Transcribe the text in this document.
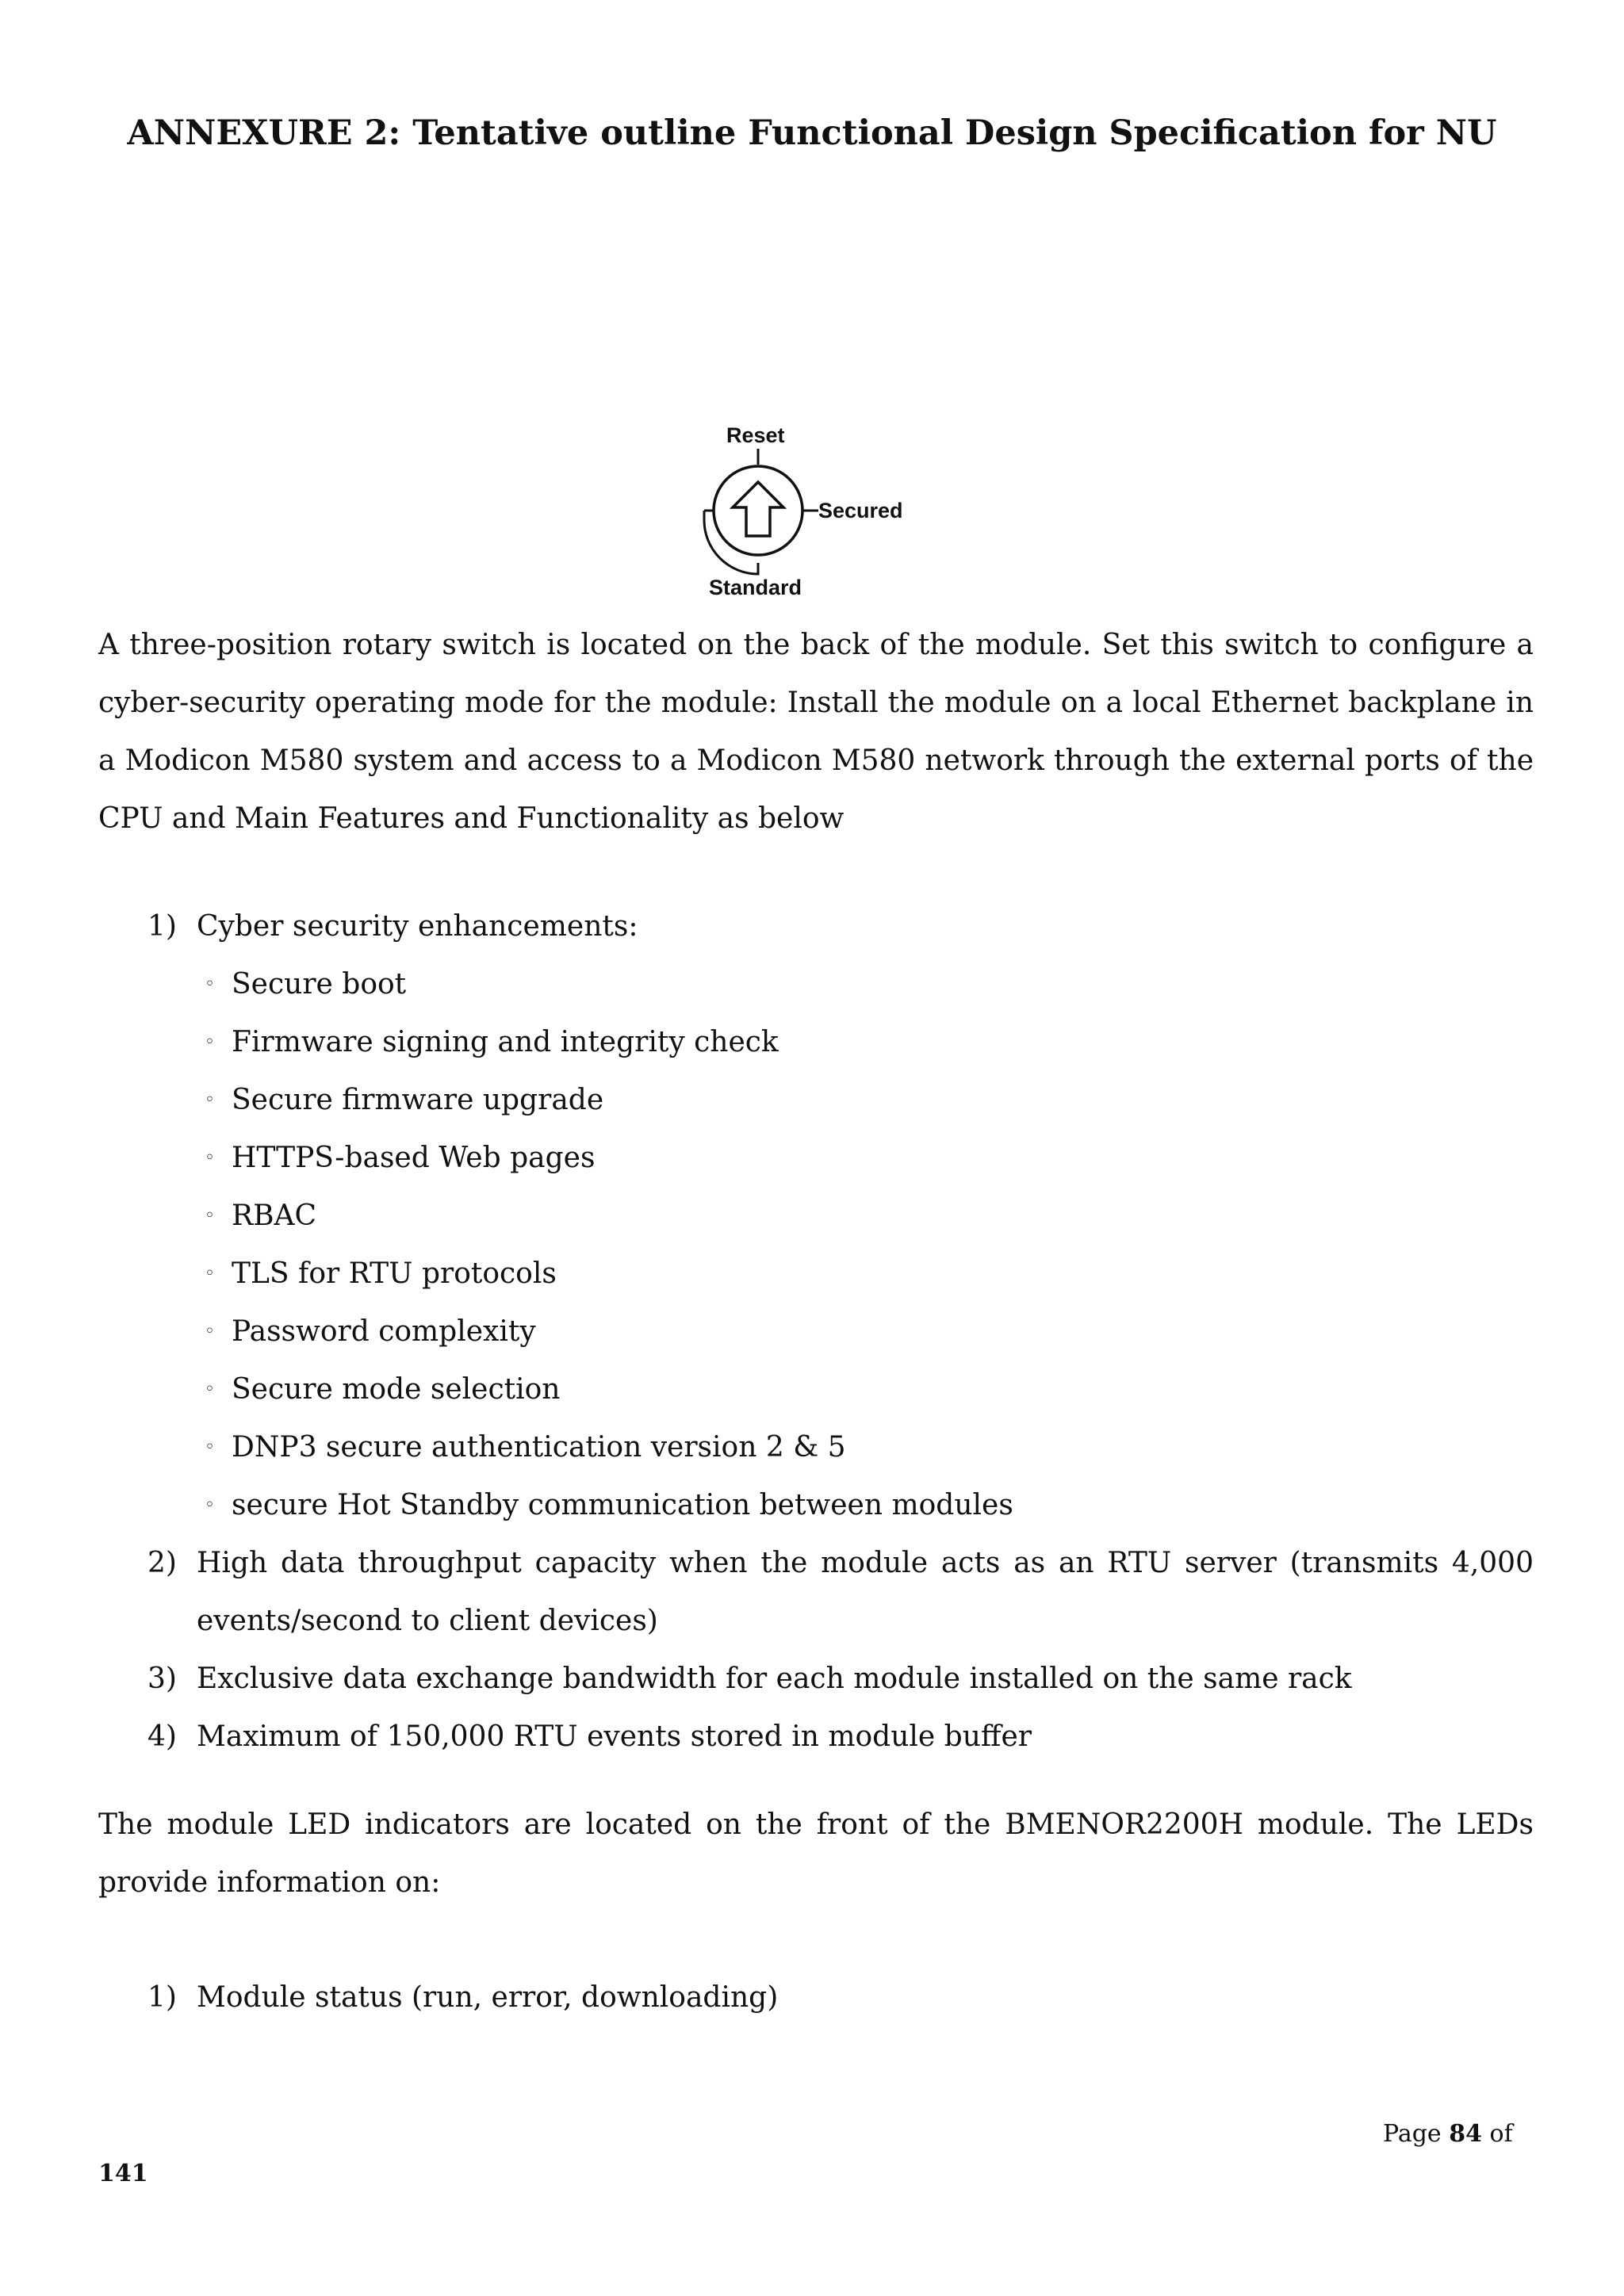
ANNEXURE 2: Tentative outline Functional Design Specification for NU
Reset
Secured
Standard

A three-position rotary switch is located on the back of the module. Set this switch to configure a cyber-security operating mode for the module: Install the module on a local Ethernet backplane in a Modicon M580 system and access to a Modicon M580 network through the external ports of the CPU and Main Features and Functionality as below

1) Cyber security enhancements:
◦ Secure boot
◦ Firmware signing and integrity check
◦ Secure firmware upgrade
◦ HTTPS-based Web pages
◦ RBAC
◦ TLS for RTU protocols
◦ Password complexity
◦ Secure mode selection
◦ DNP3 secure authentication version 2 & 5
◦ secure Hot Standby communication between modules
2) High data throughput capacity when the module acts as an RTU server (transmits 4,000 events/second to client devices)
3) Exclusive data exchange bandwidth for each module installed on the same rack
4) Maximum of 150,000 RTU events stored in module buffer

The module LED indicators are located on the front of the BMENOR2200H module. The LEDs provide information on:

1) Module status (run, error, downloading)
Page 84 of
141
